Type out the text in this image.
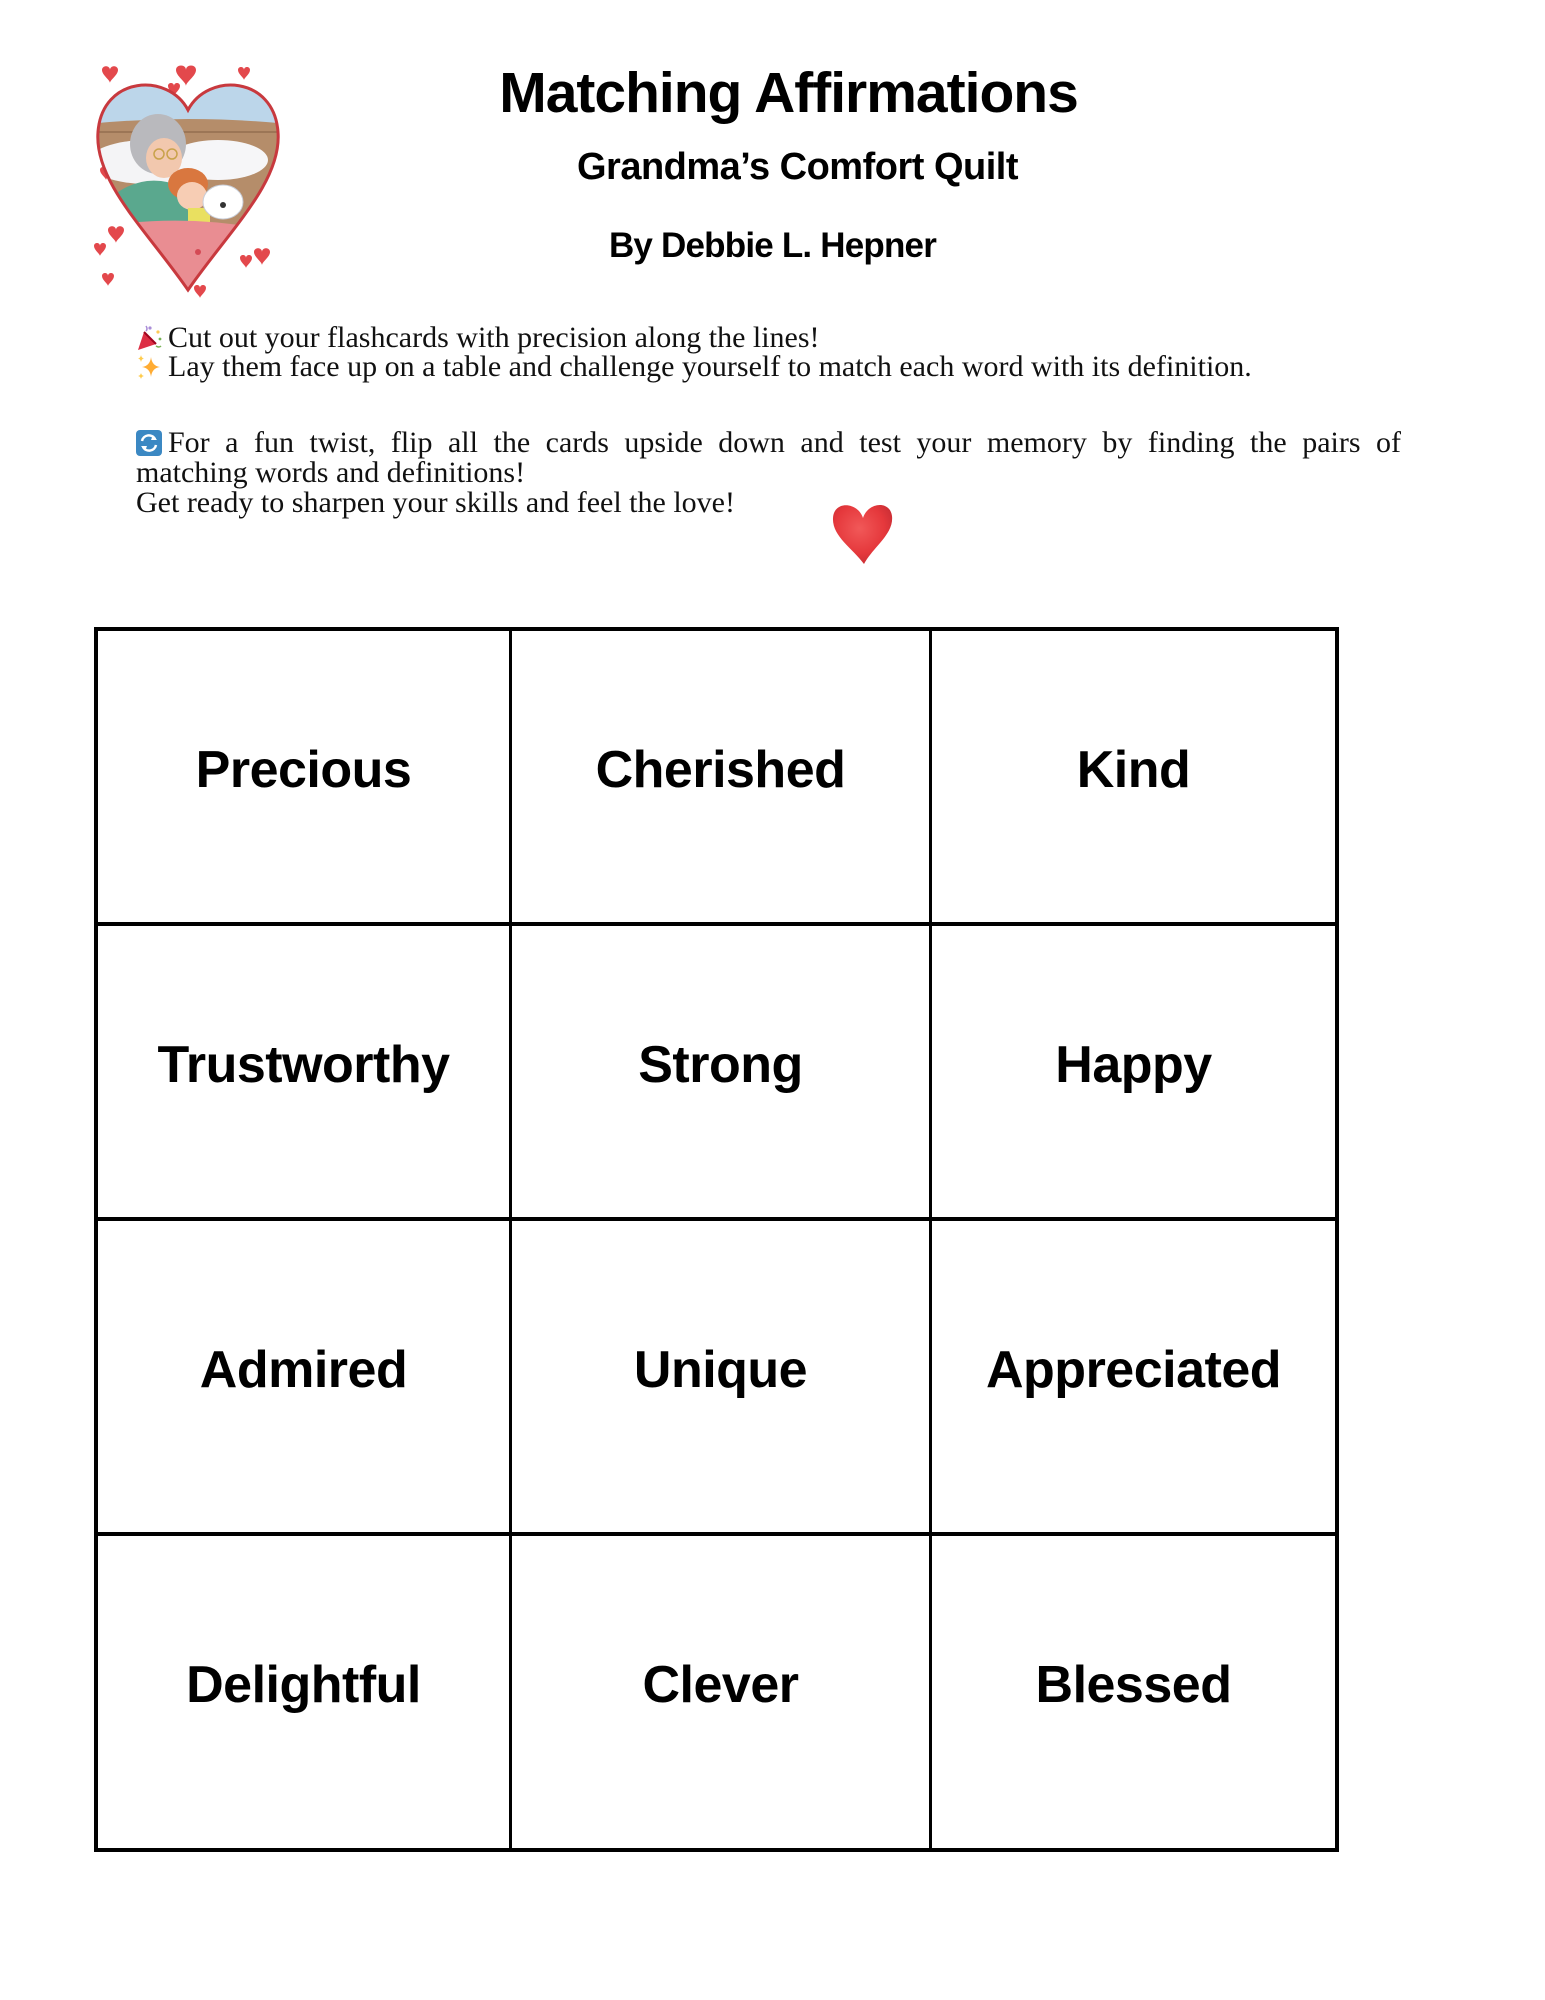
Matching Affirmations
Grandma’s Comfort Quilt
By Debbie L. Hepner
Cut out your flashcards with precision along the lines!
Lay them face up on a table and challenge yourself to match each word with its definition.
For a fun twist, flip all the cards upside down and test your memory by finding the pairs of
matching words and definitions!
Get ready to sharpen your skills and feel the love!
Precious	Cherished	Kind
Trustworthy	Strong	Happy
Admired	Unique	Appreciated
Delightful	Clever	Blessed
